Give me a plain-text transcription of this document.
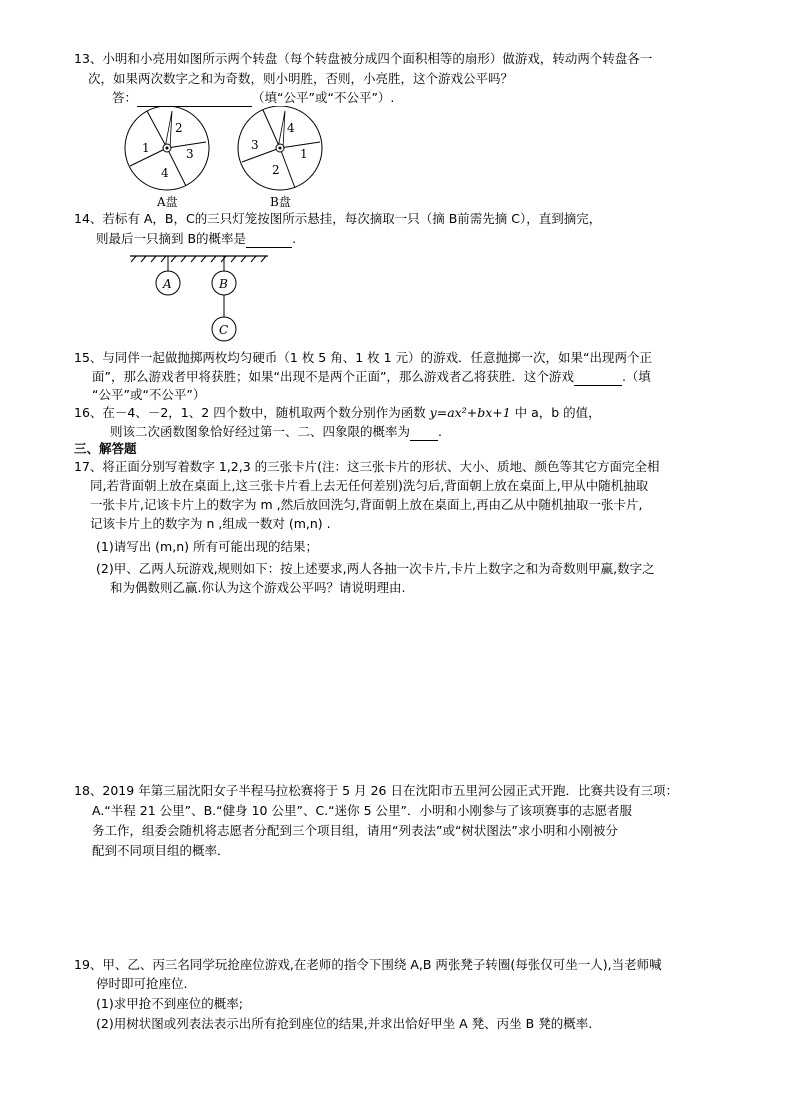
13、小明和小亮用如图所示两个转盘（每个转盘被分成四个面积相等的扇形）做游戏，转动两个转盘各一
次，如果两次数字之和为奇数，则小明胜，否则，小亮胜，这个游戏公平吗？
答：	（填“公平”或“不公平”）.
1
2
3
4
A盘
3
4
1
2
B盘
14、若标有 A，B，C的三只灯笼按图所示悬挂，每次摘取一只（摘 B前需先摘 C），直到摘完，
则最后一只摘到 B的概率是	.
A	B
C
15、与同伴一起做抛掷两枚均匀硬币（1 枚 5 角、1 枚 1 元）的游戏．任意抛掷一次，如果“出现两个正
面”，那么游戏者甲将获胜；如果“出现不是两个正面”，那么游戏者乙将获胜．这个游戏	.（填
“公平”或“不公平”）
16、在－4、－2，1、2 四个数中，随机取两个数分别作为函数 y=ax²+bx+1 中 a，b 的值，
则该二次函数图象恰好经过第一、二、四象限的概率为 .
三、解答题
17、将正面分别写着数字 1,2,3 的三张卡片(注：这三张卡片的形状、大小、质地、颜色等其它方面完全相
同,若背面朝上放在桌面上,这三张卡片看上去无任何差别)洗匀后,背面朝上放在桌面上,甲从中随机抽取
一张卡片,记该卡片上的数字为 m ,然后放回洗匀,背面朝上放在桌面上,再由乙从中随机抽取一张卡片,
记该卡片上的数字为 n ,组成一数对 (m,n) .
(1)请写出 (m,n) 所有可能出现的结果；
(2)甲、乙两人玩游戏,规则如下：按上述要求,两人各抽一次卡片,卡片上数字之和为奇数则甲赢,数字之
和为偶数则乙赢.你认为这个游戏公平吗？请说明理由.
18、2019 年第三届沈阳女子半程马拉松赛将于 5 月 26 日在沈阳市五里河公园正式开跑．比赛共设有三项：
A.“半程 21 公里”、B.“健身 10 公里”、C.“迷你 5 公里”．小明和小刚参与了该项赛事的志愿者服
务工作，组委会随机将志愿者分配到三个项目组，请用“列表法”或“树状图法”求小明和小刚被分
配到不同项目组的概率．
19、甲、乙、丙三名同学玩抢座位游戏,在老师的指令下围绕 A,B 两张凳子转圈(每张仅可坐一人),当老师喊
停时即可抢座位.
(1)求甲抢不到座位的概率;
(2)用树状图或列表法表示出所有抢到座位的结果,并求出恰好甲坐 A 凳、丙坐 B 凳的概率.
